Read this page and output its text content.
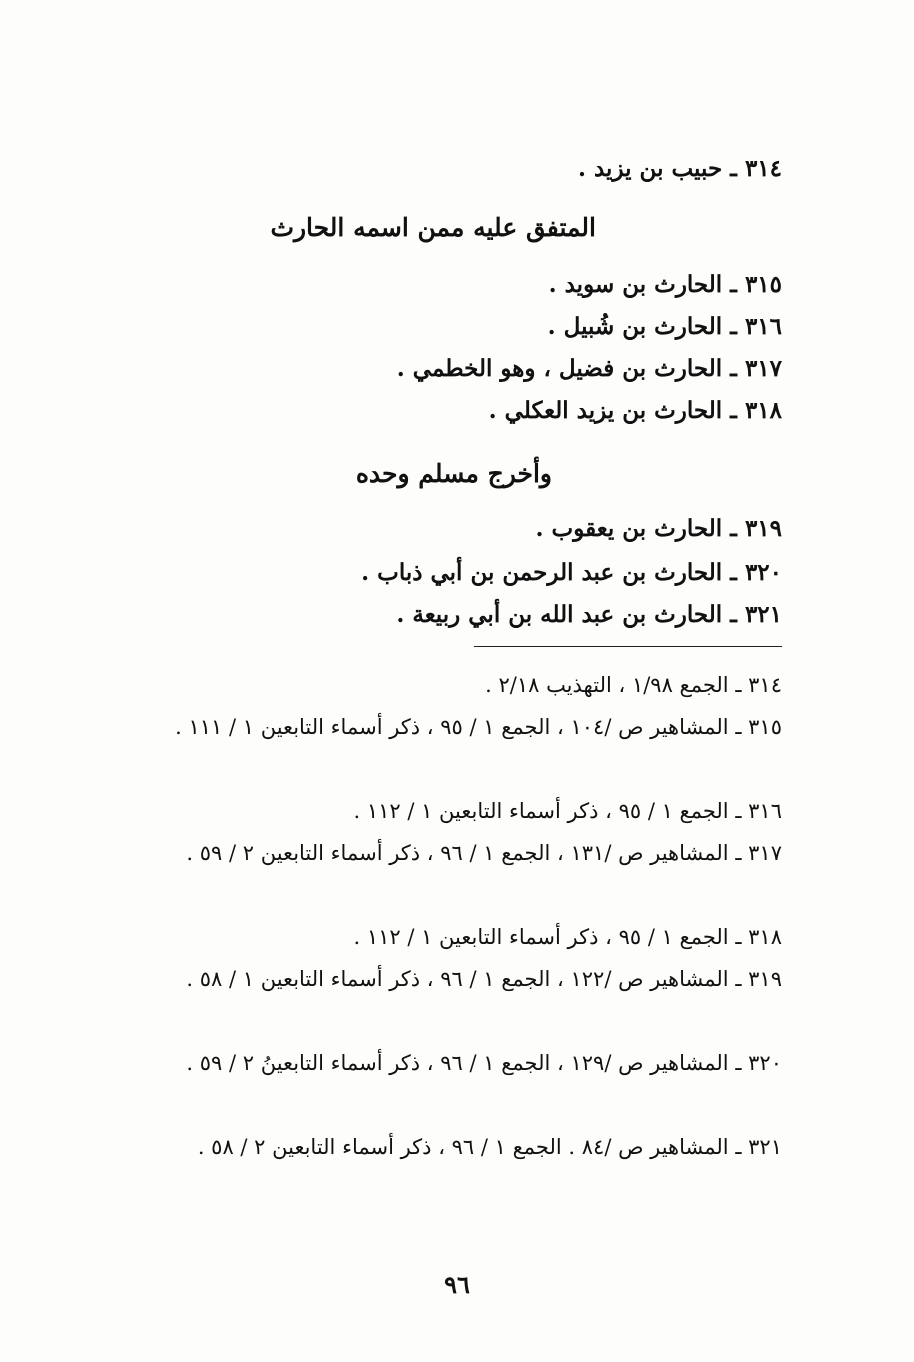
٣١٤ ـ حبيب بن يزيد .
المتفق عليه ممن اسمه الحارث
٣١٥ ـ الحارث بن سويد .
٣١٦ ـ الحارث بن شُبيل .
٣١٧ ـ الحارث بن فضيل ، وهو الخطمي .
٣١٨ ـ الحارث بن يزيد العكلي .
وأخرج مسلم وحده
٣١٩ ـ الحارث بن يعقوب .
٣٢٠ ـ الحارث بن عبد الرحمن بن أبي ذباب .
٣٢١ ـ الحارث بن عبد الله بن أبي ربيعة .
٣١٤ ـ الجمع ١/٩٨ ، التهذيب ٢/١٨ .
٣١٥ ـ المشاهير ص /١٠٤ ، الجمع ١ / ٩٥ ، ذكر أسماء التابعين ١ / ١١١ .
٣١٦ ـ الجمع ١ / ٩٥ ، ذكر أسماء التابعين ١ / ١١٢ .
٣١٧ ـ المشاهير ص /١٣١ ، الجمع ١ / ٩٦ ، ذكر أسماء التابعين ٢ / ٥٩ .
٣١٨ ـ الجمع ١ / ٩٥ ، ذكر أسماء التابعين ١ / ١١٢ .
٣١٩ ـ المشاهير ص /١٢٢ ، الجمع ١ / ٩٦ ، ذكر أسماء التابعين ١ / ٥٨ .
٣٢٠ ـ المشاهير ص /١٢٩ ، الجمع ١ / ٩٦ ، ذكر أسماء التابعينُ ٢ / ٥٩ .
٣٢١ ـ المشاهير ص /٨٤ . الجمع ١ / ٩٦ ، ذكر أسماء التابعين ٢ / ٥٨ .
٩٦
